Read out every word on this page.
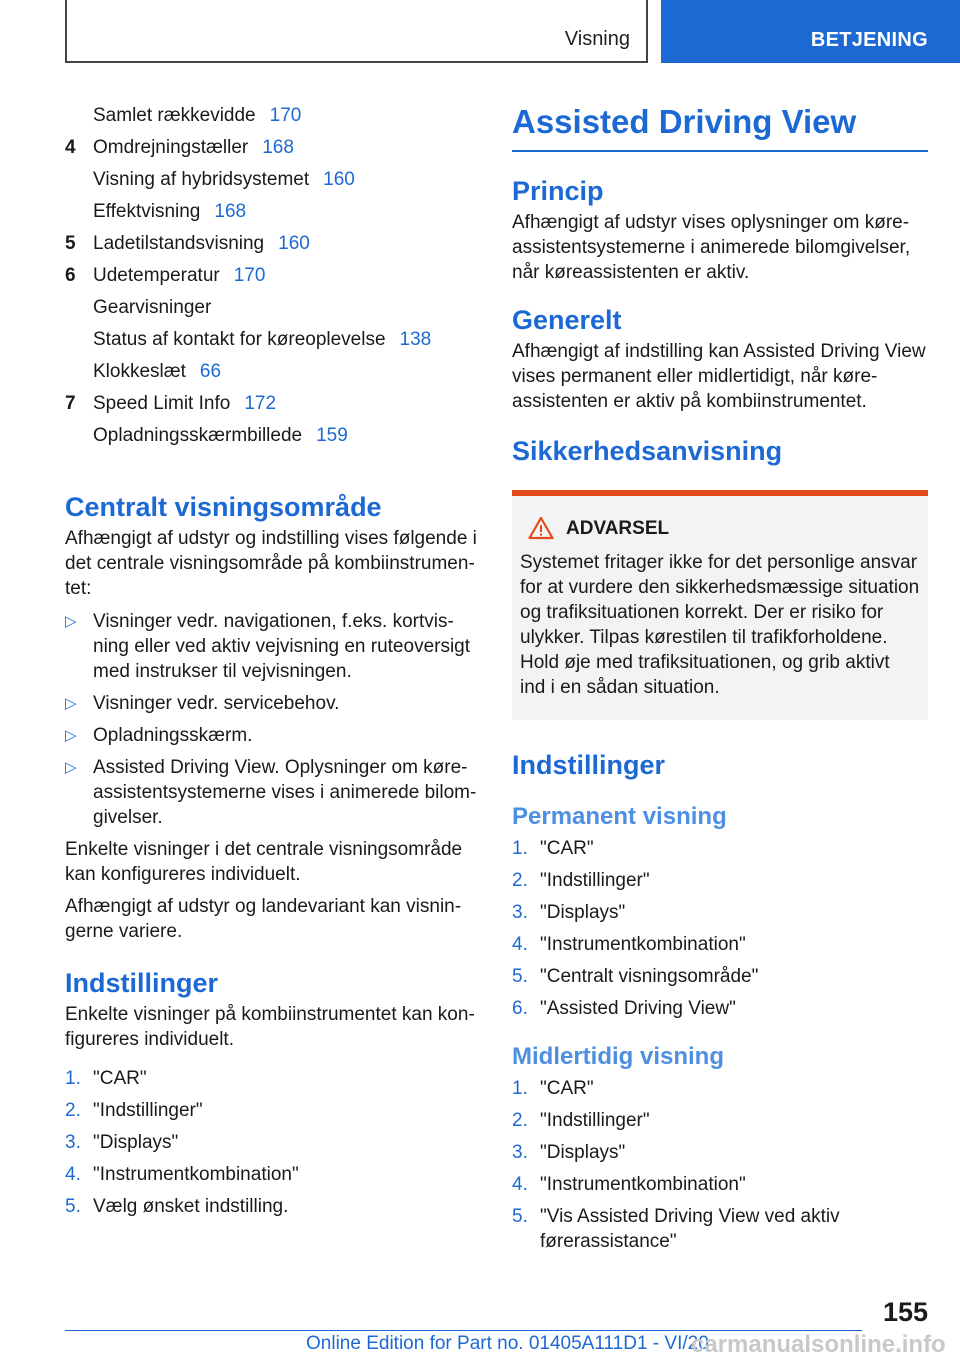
Visning	BETJENING
Samlet rækkevidde 170
4 Omdrejningstæller 168
Visning af hybridsystemet 160
Effektvisning 168
5 Ladetilstandsvisning 160
6 Udetemperatur 170
Gearvisninger
Status af kontakt for køreoplevelse 138
Klokkeslæt 66
7 Speed Limit Info 172
Opladningsskærmbillede 159
Centralt visningsområde

Afhængigt af udstyr og indstilling vises følgende i det centrale visningsområde på kombiinstrumentet:

▷ Visninger vedr. navigationen, f.eks. kortvisning eller ved aktiv vejvisning en ruteoversigt med instrukser til vejvisningen.
▷ Visninger vedr. servicebehov.
▷ Opladningsskærm.
▷ Assisted Driving View. Oplysninger om køreassistentsystemerne vises i animerede bilomgivelser.

Enkelte visninger i det centrale visningsområde kan konfigureres individuelt.

Afhængigt af udstyr og landevariant kan visningerne variere.

Indstillinger

Enkelte visninger på kombiinstrumentet kan konfigureres individuelt.

1. "CAR"
2. "Indstillinger"
3. "Displays"
4. "Instrumentkombination"
5. Vælg ønsket indstilling.
Assisted Driving View
Princip

Afhængigt af udstyr vises oplysninger om køreassistentsystemerne i animerede bilomgivelser, når køreassistenten er aktiv.

Generelt

Afhængigt af indstilling kan Assisted Driving View vises permanent eller midlertidigt, når køreassistenten er aktiv på kombiinstrumentet.

Sikkerhedsanvisning
ADVARSEL

Systemet fritager ikke for det personlige ansvar for at vurdere den sikkerhedsmæssige situation og trafiksituationen korrekt. Der er risiko for ulykker. Tilpas kørestilen til trafikforholdene. Hold øje med trafiksituationen, og grib aktivt ind i en sådan situation.

Indstillinger
Permanent visning
1. "CAR"
2. "Indstillinger"
3. "Displays"
4. "Instrumentkombination"
5. "Centralt visningsområde"
6. "Assisted Driving View"
Midlertidig visning
1. "CAR"
2. "Indstillinger"
3. "Displays"
4. "Instrumentkombination"
5. "Vis Assisted Driving View ved aktiv førerassistance"
155
Online Edition for Part no. 01405A111D1 - VI/20
carmanualsonline.info
